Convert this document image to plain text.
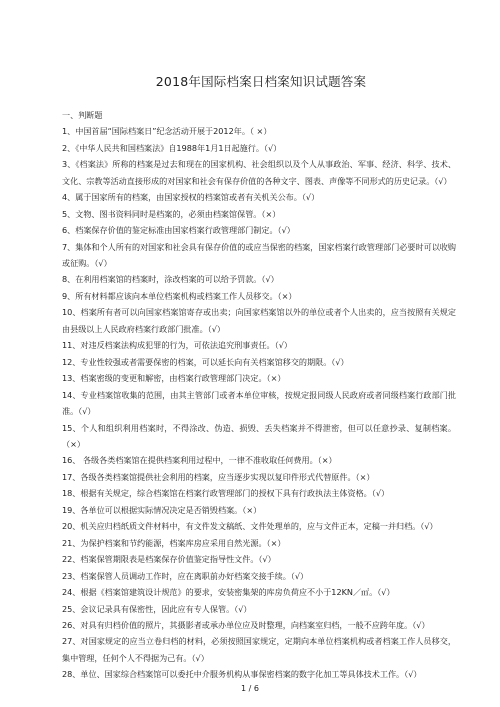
2018年国际档案日档案知识试题答案
一、判断题

1、中国首届“国际档案日”纪念活动开展于2012年。（ ×）

2、《中华人民共和国档案法》自1988年1月1日起施行。（√）

3、《档案法》所称的档案是过去和现在的国家机构、社会组织以及个人从事政治、军事、经济、科学、技术、文化、宗教等活动直接形成的对国家和社会有保存价值的各种文字、图表、声像等不同形式的历史记录。（√）

4、属于国家所有的档案，由国家授权的档案馆或者有关机关公布。（√）

5、文物、图书资料同时是档案的，必须由档案馆保管。（×）

6、档案保存价值的鉴定标准由国家档案行政管理部门制定。（√）

7、集体和个人所有的对国家和社会具有保存价值的或应当保密的档案，国家档案行政管理部门必要时可以收购或征购。（√）

8、在利用档案馆的档案时，涂改档案的可以给予罚款。（√）

9、所有材料都应该向本单位档案机构或档案工作人员移交。（×）

10、档案所有者可以向国家档案馆寄存或出卖；向国家档案馆以外的单位或者个人出卖的，应当按照有关规定由县级以上人民政府档案行政部门批准。（√）

11、对违反档案法构成犯罪的行为，可依法追究刑事责任。（√）

12、专业性较强或者需要保密的档案，可以延长向有关档案馆移交的期限。（√）

13、档案密级的变更和解密，由档案行政管理部门决定。（×）

14、专业档案馆收集的范围，由其主管部门或者本单位审核，按规定报同级人民政府或者同级档案行政部门批准。（√）

15、个人和组织利用档案时，不得涂改、伪造、损毁、丢失档案并不得泄密，但可以任意抄录、复制档案。（×）

16、 各级各类档案馆在提供档案利用过程中，一律不准收取任何费用。（×）

17、各级各类档案馆提供社会利用的档案，应当逐步实现以复印件形式代替原件。（×）

18、根据有关规定，综合档案馆在档案行政管理部门的授权下具有行政执法主体资格。（√）

19、各单位可以根据实际情况决定是否销毁档案。（×）

20、机关应归档纸质文件材料中，有文件发文稿纸、文件处理单的，应与文件正本，定稿一并归档。（√）

21、为保护档案和节约能源，档案库房应采用自然光源。（×）

22、档案保管期限表是档案保存价值鉴定指导性文件。（√）

23、档案保管人员调动工作时，应在离职前办好档案交接手续。（√）

24、根据《档案馆建筑设计规范》的要求，安装密集架的库房负荷应不小于12KN／㎡。（√）

25、会议记录具有保密性，因此应有专人保管。（√）

26、对具有归档价值的照片，其摄影者或承办单位应及时整理，向档案室归档，一般不应跨年度。（√）

27、对国家规定的应当立卷归档的材料，必须按照国家规定，定期向本单位档案机构或者档案工作人员移交，集中管理，任何个人不得据为己有。（√）

28、单位、国家综合档案馆可以委托中介服务机构从事保密档案的数字化加工等具体技术工作。（√）

1 / 6
